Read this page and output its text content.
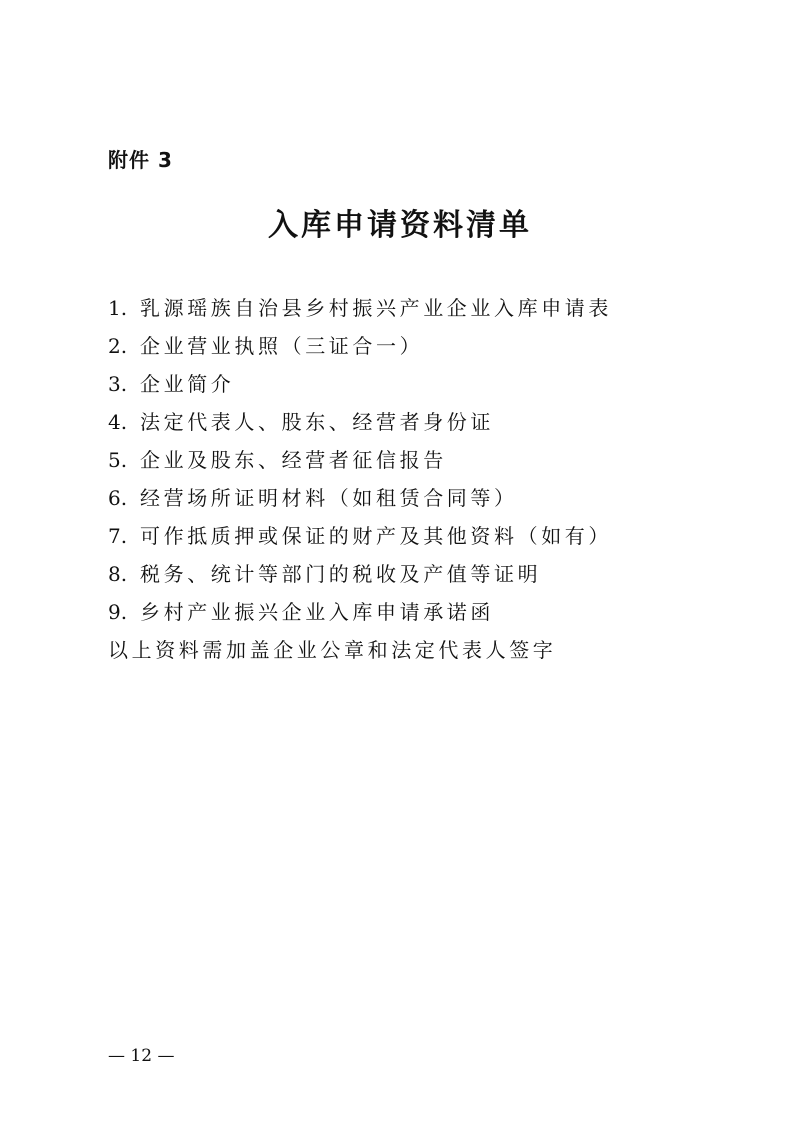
附件 3
入库申请资料清单
1. 乳源瑶族自治县乡村振兴产业企业入库申请表
2. 企业营业执照（三证合一）
3. 企业简介
4. 法定代表人、股东、经营者身份证
5. 企业及股东、经营者征信报告
6. 经营场所证明材料（如租赁合同等）
7. 可作抵质押或保证的财产及其他资料（如有）
8. 税务、统计等部门的税收及产值等证明
9. 乡村产业振兴企业入库申请承诺函
以上资料需加盖企业公章和法定代表人签字
— 12 —
